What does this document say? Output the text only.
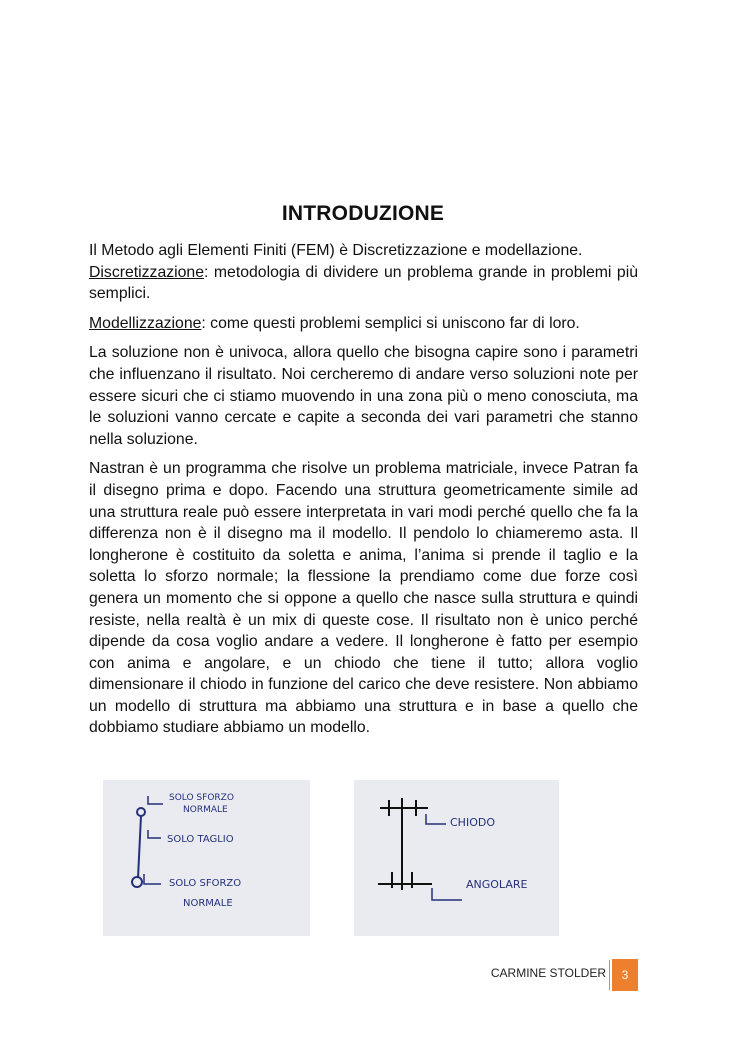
INTRODUZIONE

Il Metodo agli Elementi Finiti (FEM) è Discretizzazione e modellazione.
Discretizzazione: metodologia di dividere un problema grande in problemi più semplici.

Modellizzazione: come questi problemi semplici si uniscono far di loro.

La soluzione non è univoca, allora quello che bisogna capire sono i parametri che influenzano il risultato. Noi cercheremo di andare verso soluzioni note per essere sicuri che ci stiamo muovendo in una zona più o meno conosciuta, ma le soluzioni vanno cercate e capite a seconda dei vari parametri che stanno nella soluzione.

Nastran è un programma che risolve un problema matriciale, invece Patran fa il disegno prima e dopo. Facendo una struttura geometricamente simile ad una struttura reale può essere interpretata in vari modi perché quello che fa la differenza non è il disegno ma il modello. Il pendolo lo chiameremo asta. Il longherone è costituito da soletta e anima, l’anima si prende il taglio e la soletta lo sforzo normale; la flessione la prendiamo come due forze così genera un momento che si oppone a quello che nasce sulla struttura e quindi resiste, nella realtà è un mix di queste cose. Il risultato non è unico perché dipende da cosa voglio andare a vedere. Il longherone è fatto per esempio con anima e angolare, e un chiodo che tiene il tutto; allora voglio dimensionare il chiodo in funzione del carico che deve resistere. Non abbiamo un modello di struttura ma abbiamo una struttura e in base a quello che dobbiamo studiare abbiamo un modello.

SOLO SFORZO
NORMALE
SOLO TAGLIO
SOLO SFORZO
NORMALE
CHIODO
ANGOLARE
CARMINE STOLDER	3
